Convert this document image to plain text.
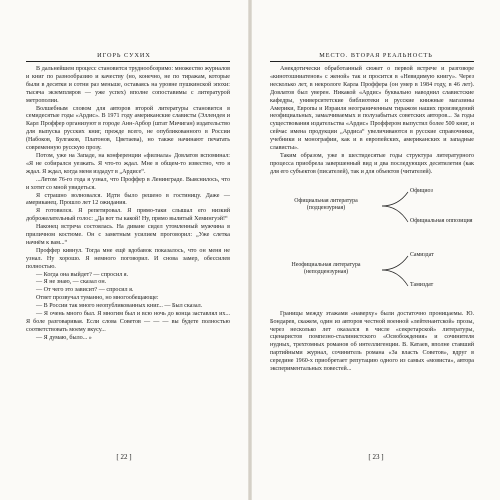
ИГОРЬ СУХИХ

В дальнейшем процесс становится труднообозримо: множество журналов и книг по разнообразию и качеству (но, конечно, не по тиражам, которые были в десятки и сотни раз меньше, оставаясь на уровне пушкинской эпохи: тысяча экземпляров — уже успех) вполне сопоставимы с литературой метрополии.

Волшебным словом для авторов второй литературы становится в семидесятые годы «Ардис». В 1971 году американские слависты (Эллендея и Карл Проффер организуют в городе Анн-Арбор (штат Мичиган) издательство для выпуска русских книг, прежде всего, не опубликованного в России (Набоков, Булгаков, Платонов, Цветаева), но также начинают печатать современную русскую прозу.

Потом, уже на Западе, на конференции «филнала» Довлатов вспоминал: «Я не собирался уезжать. Я что-то ждал. Мне в общем-то известно, что я ждал. Я ждал, когда меня издадут в „Ардисе“.

...Летом 76-го года я узнал, что Проффер в Ленинграде. Выяснилось, что и хотят со мной увидеться.

Я страшно волновался. Идти было решено в гостиницу. Даже — американец. Прошло лет 12 ожидания.

Я готовился. Я репетировал. Я прямо-таки слышал его низкий доброжелательный голос: „Да вот ты какой! Ну, прямо вылитый Хемингуэй!“

Наконец встреча состоялась. На диване сидел утомленный мужчина в приличном костюме. Он с заметным усилием проговорил: „Уже слетка начнём к вам...“

Проффер кивнул. Тогда мне ещё вдобавок показалось, что он меня не узнал. Ну хорошо. Я немного поговорил. И снова замер, обессилев полностью.

— Когда она выйдет? — спросил я.

— Я не знаю, — сказал он.

— От чего это зависит? — спросил я.

Ответ прозвучал туманно, но многообещающе:

— В России так много неопубликованных книг... — Был сказал.

— Я очень много был. Я многим был и всю ночь до конца заставлял их... Я боле разговаривая. Если слова Советов — — — вы будете полностью соответствовать моему вкусу...

— Я думаю, было... »

[ 22 ]
МЕСТО. ВТОРАЯ РЕАЛЬНОСТЬ

Анекдотически обработанный сюжет о первой встрече и разговоре «кинотошниатенов» с женой» так и просится в «Невидимую книгу». Через несколько лет, в некрологе Карла Проффера (он умер в 1984 году, в 46 лет). Довлатов был уверен. Никакой «Ардис» буквально наводнил славистские кафедры, университетские библиотеки и русские книжные магазины Америки, Европы и Израиля неограниченным тиражом наших произведений неофициальных, замалчиваемых и полузабытых советских авторов... За годы существования издательства «Ардис» Проффером выпустил более 500 книг, и сейчас имена продукции „Ардиса“ увеличиваются в русские справочники, учебники и монографии, как и в европейских, американских и западные слависты».

Таким образом, уже в шестидесятые годы структура литературного процесса приобрела завершенный вид и два последующих десятилетия (как для его субъектов (писателей), так и для объектов (читателей).

Официальная литература
(подцензурная)
Официоз
Официальная оппозиция
Неофициальная литература
(неподцензурная)
Самиздат
Тамиздат

Границы между этажами «наверху» были достаточно проницаемы. Ю. Бондарев, скажем, один из авторов честной военной «лейтенантской» прозы, через несколько лет оказался в числе «секретарской» литературы, сценаристов помпезно-сталинистского «Освобождения» и сочинителя нудных, трехтомных романов об интеллигенции. В. Катаев, вполне ставший партийными журнал, сочинитель романа «За власть Советов», вдруг в середине 1960-х приобретает репутацию одного из самых «мовиста», автора экспериментальных повестей...

[ 23 ]
